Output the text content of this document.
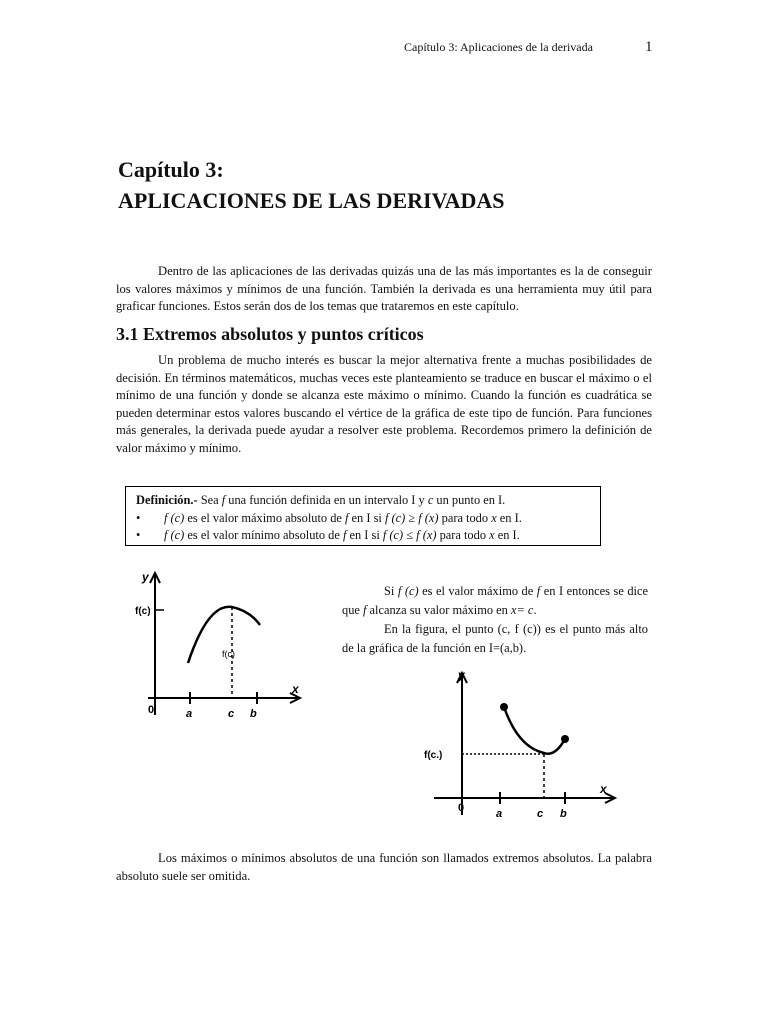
Capítulo 3: Aplicaciones de la derivada	1
Capítulo 3:
APLICACIONES DE LAS DERIVADAS
Dentro de las aplicaciones de las derivadas quizás una de las más importantes es la de conseguir los valores máximos y mínimos de una función. También la derivada es una herramienta muy útil para graficar funciones. Estos serán dos de los temas que trataremos en este capítulo.
3.1 Extremos absolutos y puntos críticos
Un problema de mucho interés es buscar la mejor alternativa frente a muchas posibilidades de decisión. En términos matemáticos, muchas veces este planteamiento se traduce en buscar el máximo o el mínimo de una función y donde se alcanza este máximo o mínimo. Cuando la función es cuadrática se pueden determinar estos valores buscando el vértice de la gráfica de este tipo de función. Para funciones más generales, la derivada puede ayudar a resolver este problema. Recordemos primero la definición de valor máximo y mínimo.
Definición.- Sea f una función definida en un intervalo I y c un punto en I.
• f (c) es el valor máximo absoluto de f en I si f (c) ≥ f (x) para todo x en I.
• f (c) es el valor mínimo absoluto de f en I si f (c) ≤ f (x) para todo x en I.
y
x
f(c)
f(c)
0	a	c b
Si f (c) es el valor máximo de f en I entonces se dice que f alcanza su valor máximo en x= c.
En la figura, el punto (c, f (c)) es el punto más alto de la gráfica de la función en I=(a,b).
y
x
f(c.)
0	a	c b
Los máximos o mínimos absolutos de una función son llamados extremos absolutos. La palabra absoluto suele ser omitida.
